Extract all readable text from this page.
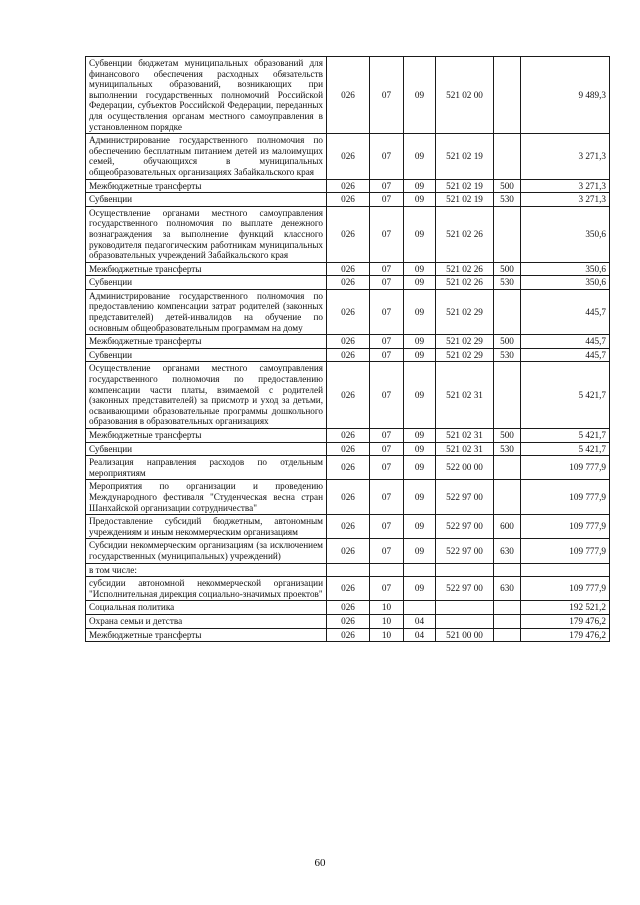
Субвенции бюджетам муниципальных образований для финансового обеспечения расходных обязательств муниципальных образований, возникающих при выполнении государственных полномочий Российской Федерации, субъектов Российской Федерации, переданных для осуществления органам местного самоуправления в установленном порядке	026	07	09	521 02 00		9 489,3
Администрирование государственного полномочия по обеспечению бесплатным питанием детей из малоимущих семей, обучающихся в муниципальных общеобразовательных организациях Забайкальского края	026	07	09	521 02 19		3 271,3
Межбюджетные трансферты	026	07	09	521 02 19	500	3 271,3
Субвенции	026	07	09	521 02 19	530	3 271,3
Осуществление органами местного самоуправления государственного полномочия по выплате денежного вознаграждения за выполнение функций классного руководителя педагогическим работникам муниципальных образовательных учреждений Забайкальского края	026	07	09	521 02 26		350,6
Межбюджетные трансферты	026	07	09	521 02 26	500	350,6
Субвенции	026	07	09	521 02 26	530	350,6
Администрирование государственного полномочия по предоставлению компенсации затрат родителей (законных представителей) детей-инвалидов на обучение по основным общеобразовательным программам на дому	026	07	09	521 02 29		445,7
Межбюджетные трансферты	026	07	09	521 02 29	500	445,7
Субвенции	026	07	09	521 02 29	530	445,7
Осуществление органами местного самоуправления государственного полномочия по предоставлению компенсации части платы, взимаемой с родителей (законных представителей) за присмотр и уход за детьми, осваивающими образовательные программы дошкольного образования в образовательных организациях	026	07	09	521 02 31		5 421,7
Межбюджетные трансферты	026	07	09	521 02 31	500	5 421,7
Субвенции	026	07	09	521 02 31	530	5 421,7
Реализация направления расходов по отдельным мероприятиям	026	07	09	522 00 00		109 777,9
Мероприятия по организации и проведению Международного фестиваля "Студенческая весна стран Шанхайской организации сотрудничества"	026	07	09	522 97 00		109 777,9
Предоставление субсидий бюджетным, автономным учреждениям и иным некоммерческим организациям	026	07	09	522 97 00	600	109 777,9
Субсидии некоммерческим организациям (за исключением государственных (муниципальных) учреждений)	026	07	09	522 97 00	630	109 777,9
в том числе:						
субсидии автономной некоммерческой организации "Исполнительная дирекция социально-значимых проектов"	026	07	09	522 97 00	630	109 777,9
Социальная политика	026	10				192 521,2
Охрана семьи и детства	026	10	04			179 476,2
Межбюджетные трансферты	026	10	04	521 00 00		179 476,2
60
